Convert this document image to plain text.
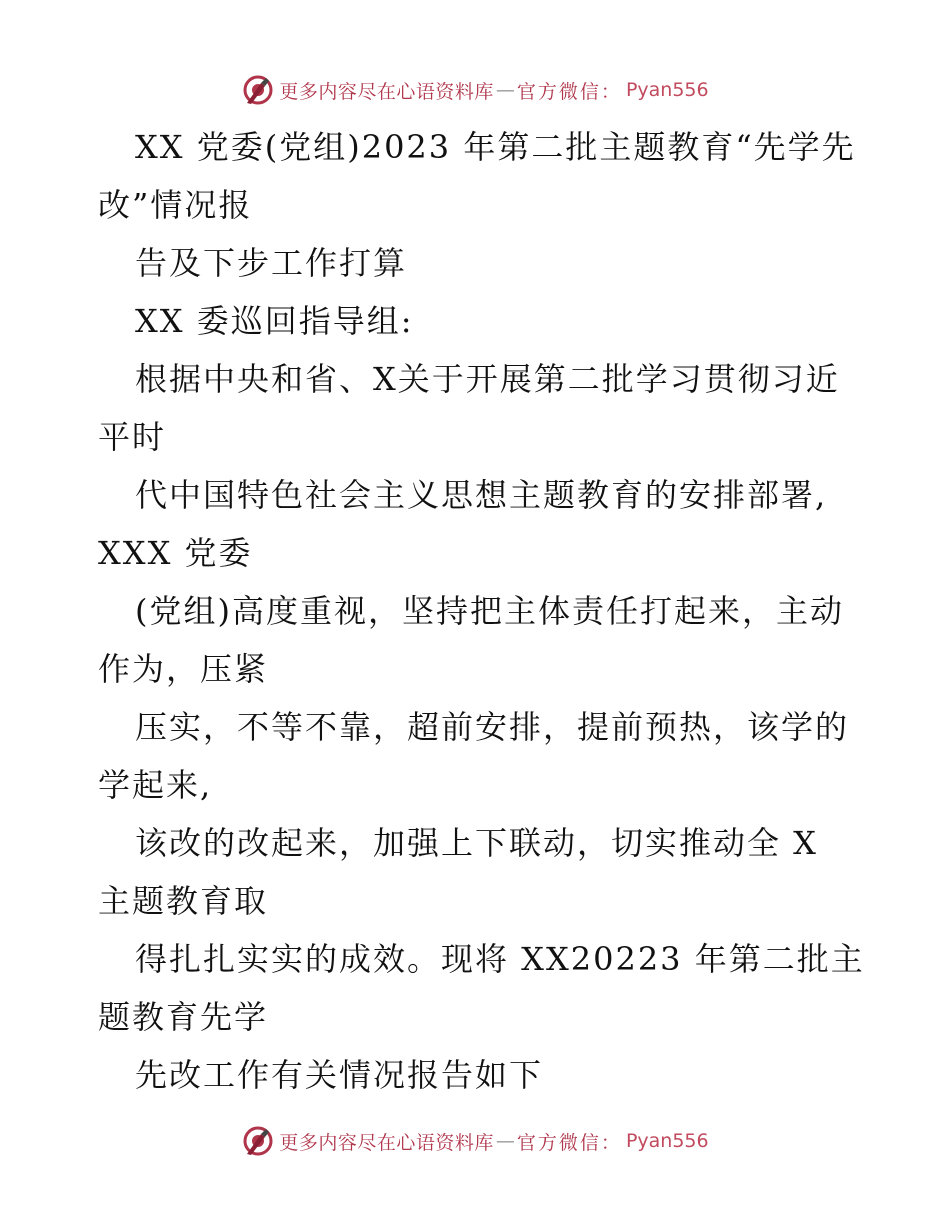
更多内容尽在心语资料库 — 官方微信： Pyan556
XX 党委(党组)2023 年第二批主题教育“先学先
改”情况报
告及下步工作打算
XX 委巡回指导组:
根据中央和省、X关于开展第二批学习贯彻习近
平时
代中国特色社会主义思想主题教育的安排部署,
XXX 党委
(党组)高度重视，坚持把主体责任打起来，主动
作为，压紧
压实，不等不靠，超前安排，提前预热，该学的
学起来,
该改的改起来，加强上下联动，切实推动全 X
主题教育取
得扎扎实实的成效。现将 XX20223 年第二批主
题教育先学
先改工作有关情况报告如下
更多内容尽在心语资料库 — 官方微信： Pyan556
